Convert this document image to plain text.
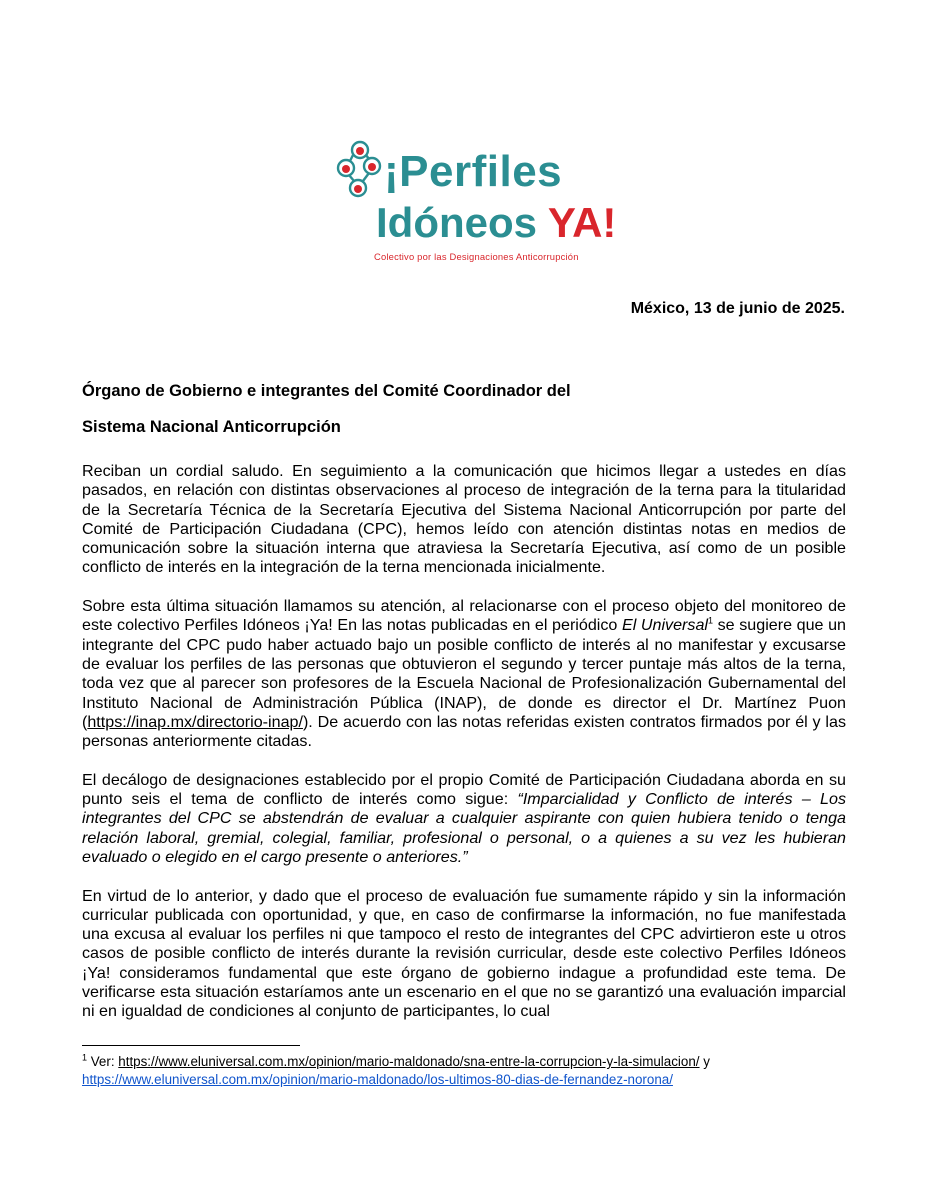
¡Perfiles
Idóneos YA!
Colectivo por las Designaciones Anticorrupción
México, 13 de junio de 2025.
Órgano de Gobierno e integrantes del Comité Coordinador del
Sistema Nacional Anticorrupción

Reciban un cordial saludo. En seguimiento a la comunicación que hicimos llegar a ustedes en días pasados, en relación con distintas observaciones al proceso de integración de la terna para la titularidad de la Secretaría Técnica de la Secretaría Ejecutiva del Sistema Nacional Anticorrupción por parte del Comité de Participación Ciudadana (CPC), hemos leído con atención distintas notas en medios de comunicación sobre la situación interna que atraviesa la Secretaría Ejecutiva, así como de un posible conflicto de interés en la integración de la terna mencionada inicialmente.

Sobre esta última situación llamamos su atención, al relacionarse con el proceso objeto del monitoreo de este colectivo Perfiles Idóneos ¡Ya! En las notas publicadas en el periódico El Universal$^1$ se sugiere que un integrante del CPC pudo haber actuado bajo un posible conflicto de interés al no manifestar y excusarse de evaluar los perfiles de las personas que obtuvieron el segundo y tercer puntaje más altos de la terna, toda vez que al parecer son profesores de la Escuela Nacional de Profesionalización Gubernamental del Instituto Nacional de Administración Pública (INAP), de donde es director el Dr. Martínez Puon (https://inap.mx/directorio-inap/). De acuerdo con las notas referidas existen contratos firmados por él y las personas anteriormente citadas.

El decálogo de designaciones establecido por el propio Comité de Participación Ciudadana aborda en su punto seis el tema de conflicto de interés como sigue: “Imparcialidad y Conflicto de interés – Los integrantes del CPC se abstendrán de evaluar a cualquier aspirante con quien hubiera tenido o tenga relación laboral, gremial, colegial, familiar, profesional o personal, o a quienes a su vez les hubieran evaluado o elegido en el cargo presente o anteriores.”

En virtud de lo anterior, y dado que el proceso de evaluación fue sumamente rápido y sin la información curricular publicada con oportunidad, y que, en caso de confirmarse la información, no fue manifestada una excusa al evaluar los perfiles ni que tampoco el resto de integrantes del CPC advirtieron este u otros casos de posible conflicto de interés durante la revisión curricular, desde este colectivo Perfiles Idóneos ¡Ya! consideramos fundamental que este órgano de gobierno indague a profundidad este tema. De verificarse esta situación estaríamos ante un escenario en el que no se garantizó una evaluación imparcial ni en igualdad de condiciones al conjunto de participantes, lo cual

$^1$ Ver: https://www.eluniversal.com.mx/opinion/mario-maldonado/sna-entre-la-corrupcion-y-la-simulacion/ y
https://www.eluniversal.com.mx/opinion/mario-maldonado/los-ultimos-80-dias-de-fernandez-norona/
